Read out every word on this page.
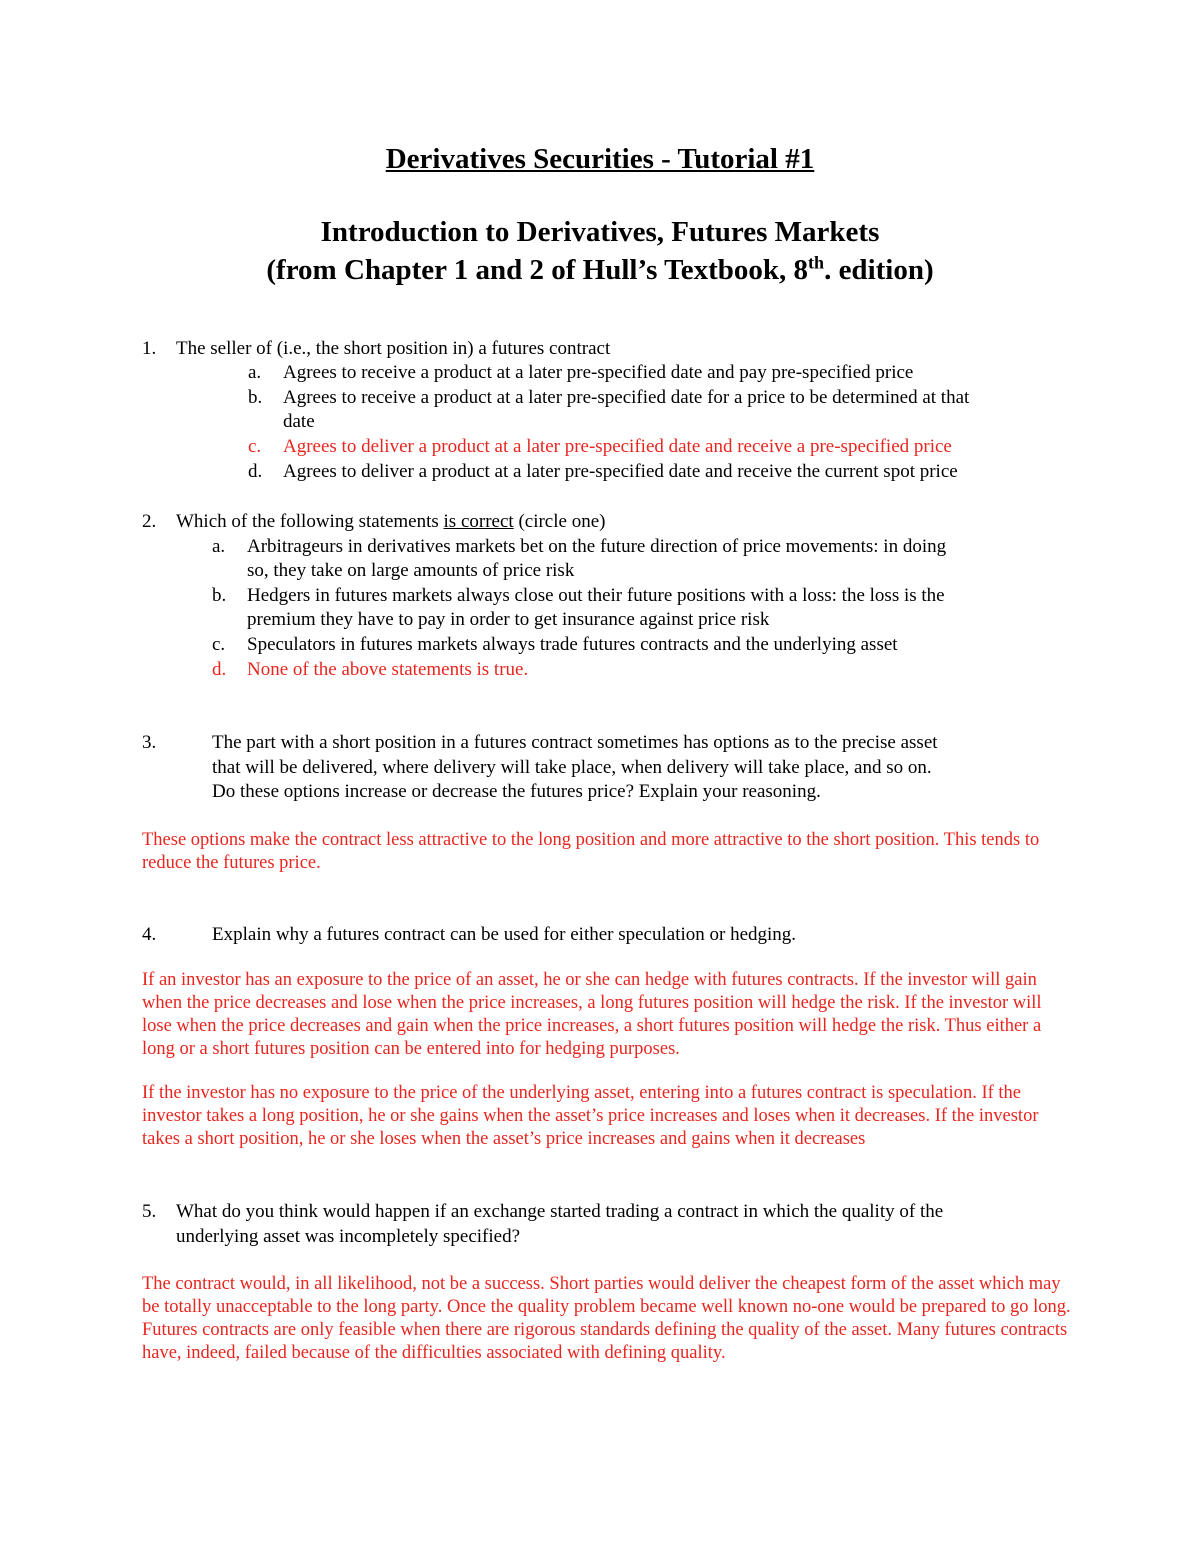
Derivatives Securities - Tutorial #1
Introduction to Derivatives, Futures Markets
(from Chapter 1 and 2 of Hull’s Textbook, 8th. edition)
1. The seller of (i.e., the short position in) a futures contract
a. Agrees to receive a product at a later pre-specified date and pay pre-specified price
b. Agrees to receive a product at a later pre-specified date for a price to be determined at that
date
c. Agrees to deliver a product at a later pre-specified date and receive a pre-specified price
d. Agrees to deliver a product at a later pre-specified date and receive the current spot price
2. Which of the following statements is correct (circle one)
a. Arbitrageurs in derivatives markets bet on the future direction of price movements: in doing
so, they take on large amounts of price risk
b. Hedgers in futures markets always close out their future positions with a loss: the loss is the
premium they have to pay in order to get insurance against price risk
c. Speculators in futures markets always trade futures contracts and the underlying asset
d. None of the above statements is true.
3.	The part with a short position in a futures contract sometimes has options as to the precise asset
that will be delivered, where delivery will take place, when delivery will take place, and so on.
Do these options increase or decrease the futures price? Explain your reasoning.

These options make the contract less attractive to the long position and more attractive to the short position. This tends to reduce the futures price.

4.	Explain why a futures contract can be used for either speculation or hedging.

If an investor has an exposure to the price of an asset, he or she can hedge with futures contracts. If the investor will gain when the price decreases and lose when the price increases, a long futures position will hedge the risk. If the investor will lose when the price decreases and gain when the price increases, a short futures position will hedge the risk. Thus either a long or a short futures position can be entered into for hedging purposes.

If the investor has no exposure to the price of the underlying asset, entering into a futures contract is speculation. If the investor takes a long position, he or she gains when the asset’s price increases and loses when it decreases. If the investor takes a short position, he or she loses when the asset’s price increases and gains when it decreases

5. What do you think would happen if an exchange started trading a contract in which the quality of the
underlying asset was incompletely specified?

The contract would, in all likelihood, not be a success. Short parties would deliver the cheapest form of the asset which may be totally unacceptable to the long party. Once the quality problem became well known no-one would be prepared to go long. Futures contracts are only feasible when there are rigorous standards defining the quality of the asset. Many futures contracts have, indeed, failed because of the difficulties associated with defining quality.
